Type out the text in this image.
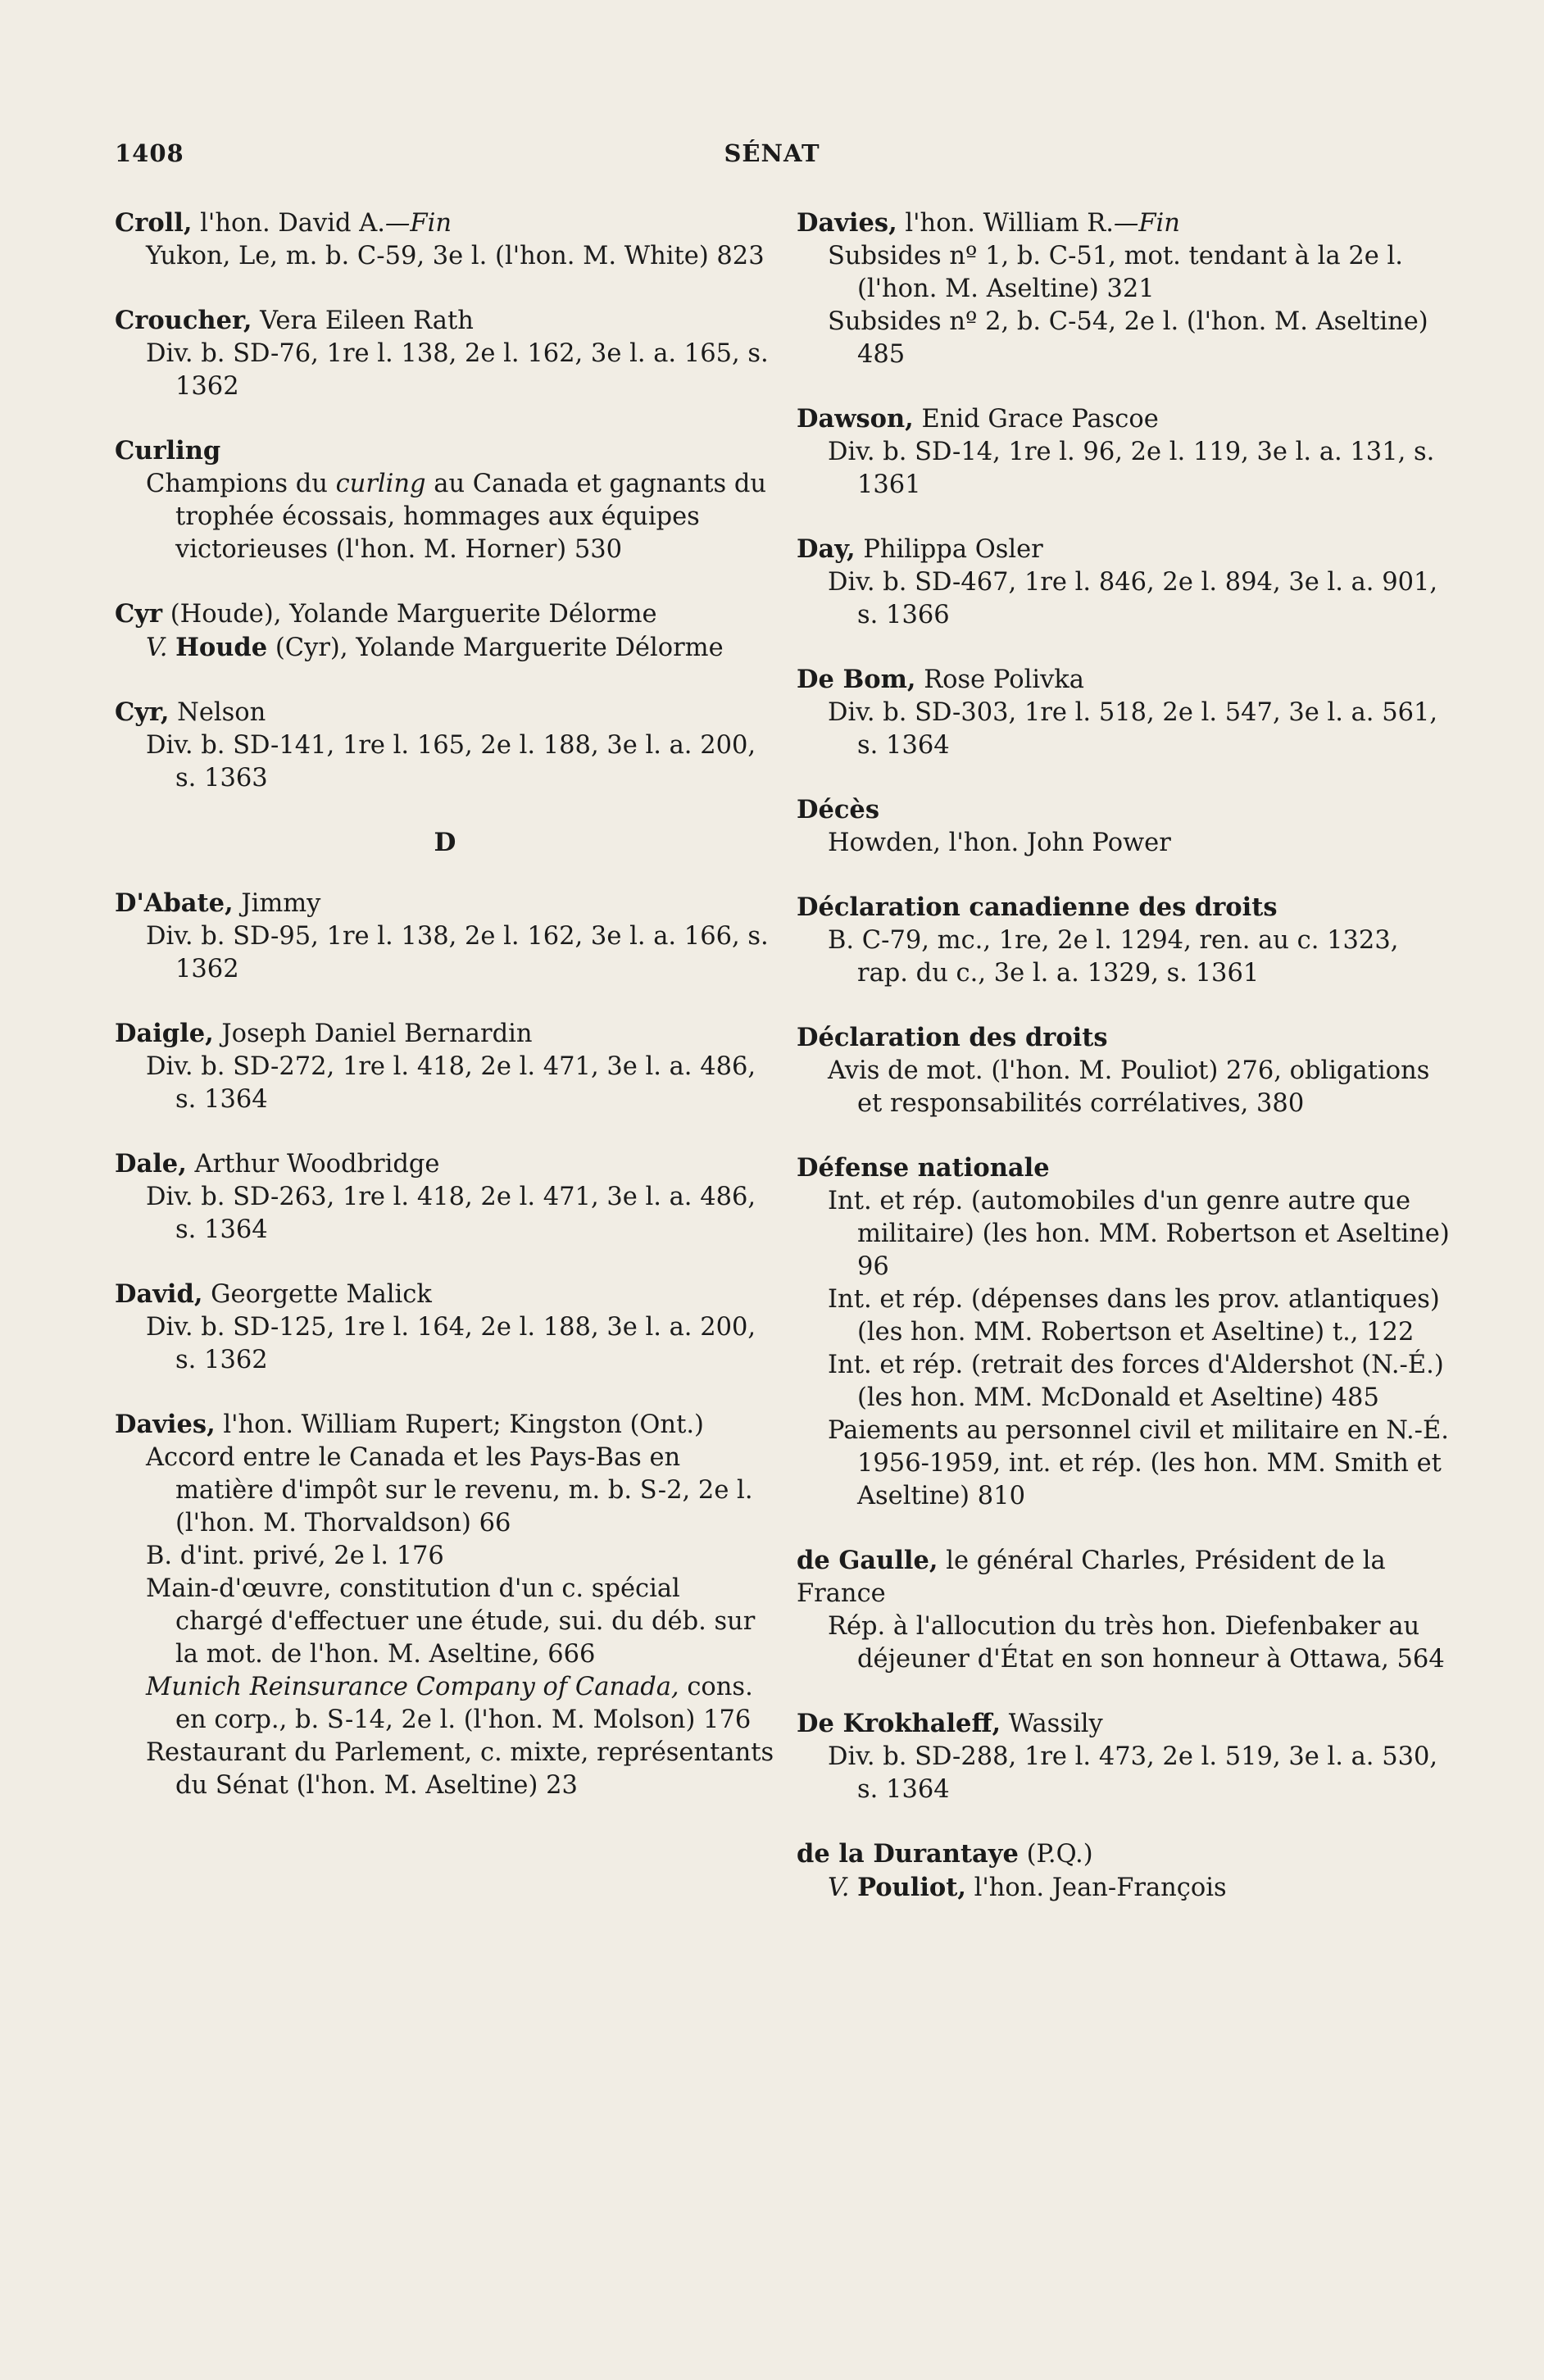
1408	SÉNAT
Croll, l'hon. David A.—Fin
Yukon, Le, m. b. C-59, 3e l. (l'hon. M. White) 823
Croucher, Vera Eileen Rath
Div. b. SD-76, 1re l. 138, 2e l. 162, 3e l. a. 165, s. 1362
Curling
Champions du curling au Canada et gagnants du trophée écossais, hommages aux équipes victorieuses (l'hon. M. Horner) 530
Cyr (Houde), Yolande Marguerite Délorme
V. Houde (Cyr), Yolande Marguerite Délorme
Cyr, Nelson
Div. b. SD-141, 1re l. 165, 2e l. 188, 3e l. a. 200, s. 1363
D
D'Abate, Jimmy
Div. b. SD-95, 1re l. 138, 2e l. 162, 3e l. a. 166, s. 1362
Daigle, Joseph Daniel Bernardin
Div. b. SD-272, 1re l. 418, 2e l. 471, 3e l. a. 486, s. 1364
Dale, Arthur Woodbridge
Div. b. SD-263, 1re l. 418, 2e l. 471, 3e l. a. 486, s. 1364
David, Georgette Malick
Div. b. SD-125, 1re l. 164, 2e l. 188, 3e l. a. 200, s. 1362
Davies, l'hon. William Rupert; Kingston (Ont.)
Accord entre le Canada et les Pays-Bas en matière d'impôt sur le revenu, m. b. S-2, 2e l. (l'hon. M. Thorvaldson) 66
B. d'int. privé, 2e l. 176
Main-d'œuvre, constitution d'un c. spécial chargé d'effectuer une étude, sui. du déb. sur la mot. de l'hon. M. Aseltine, 666
Munich Reinsurance Company of Canada, cons. en corp., b. S-14, 2e l. (l'hon. M. Molson) 176
Restaurant du Parlement, c. mixte, représentants du Sénat (l'hon. M. Aseltine) 23
Davies, l'hon. William R.—Fin
Subsides nº 1, b. C-51, mot. tendant à la 2e l. (l'hon. M. Aseltine) 321
Subsides nº 2, b. C-54, 2e l. (l'hon. M. Aseltine) 485
Dawson, Enid Grace Pascoe
Div. b. SD-14, 1re l. 96, 2e l. 119, 3e l. a. 131, s. 1361
Day, Philippa Osler
Div. b. SD-467, 1re l. 846, 2e l. 894, 3e l. a. 901, s. 1366
De Bom, Rose Polivka
Div. b. SD-303, 1re l. 518, 2e l. 547, 3e l. a. 561, s. 1364
Décès
Howden, l'hon. John Power
Déclaration canadienne des droits
B. C-79, mc., 1re, 2e l. 1294, ren. au c. 1323, rap. du c., 3e l. a. 1329, s. 1361
Déclaration des droits
Avis de mot. (l'hon. M. Pouliot) 276, obligations et responsabilités corrélatives, 380
Défense nationale
Int. et rép. (automobiles d'un genre autre que militaire) (les hon. MM. Robertson et Aseltine) 96
Int. et rép. (dépenses dans les prov. atlantiques) (les hon. MM. Robertson et Aseltine) t., 122
Int. et rép. (retrait des forces d'Aldershot (N.-É.) (les hon. MM. McDonald et Aseltine) 485
Paiements au personnel civil et militaire en N.-É. 1956-1959, int. et rép. (les hon. MM. Smith et Aseltine) 810
de Gaulle, le général Charles, Président de la France
Rép. à l'allocution du très hon. Diefenbaker au déjeuner d'État en son honneur à Ottawa, 564
De Krokhaleff, Wassily
Div. b. SD-288, 1re l. 473, 2e l. 519, 3e l. a. 530, s. 1364
de la Durantaye (P.Q.)
V. Pouliot, l'hon. Jean-François
